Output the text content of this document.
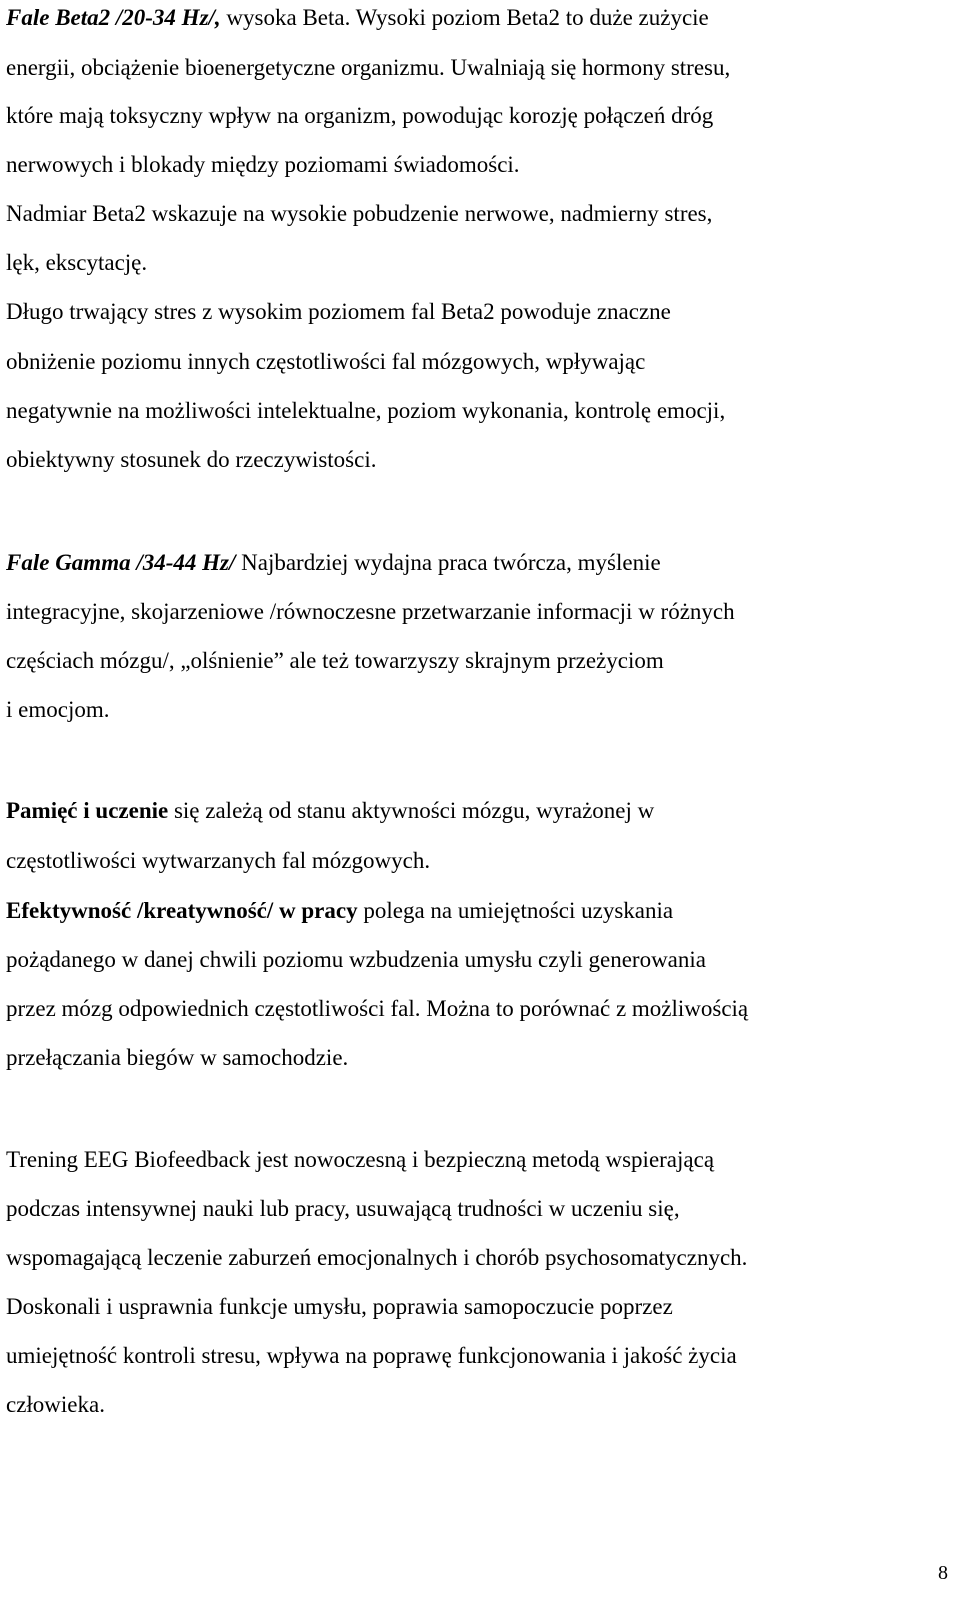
Fale Beta2 /20-34 Hz/, wysoka Beta. Wysoki poziom Beta2 to duże zużycie
energii, obciążenie bioenergetyczne organizmu. Uwalniają się hormony stresu,
które mają toksyczny wpływ na organizm, powodując korozję połączeń dróg
nerwowych i blokady między poziomami świadomości.
Nadmiar Beta2 wskazuje na wysokie pobudzenie nerwowe, nadmierny stres,
lęk, ekscytację.
Długo trwający stres z wysokim poziomem fal Beta2 powoduje znaczne
obniżenie poziomu innych częstotliwości fal mózgowych, wpływając
negatywnie na możliwości intelektualne, poziom wykonania, kontrolę emocji,
obiektywny stosunek do rzeczywistości.
Fale Gamma /34-44 Hz/ Najbardziej wydajna praca twórcza, myślenie
integracyjne, skojarzeniowe /równoczesne przetwarzanie informacji w różnych
częściach mózgu/, „olśnienie” ale też towarzyszy skrajnym przeżyciom
i emocjom.
Pamięć i uczenie się zależą od stanu aktywności mózgu, wyrażonej w
częstotliwości wytwarzanych fal mózgowych.
Efektywność /kreatywność/ w pracy polega na umiejętności uzyskania
pożądanego w danej chwili poziomu wzbudzenia umysłu czyli generowania
przez mózg odpowiednich częstotliwości fal. Można to porównać z możliwością
przełączania biegów w samochodzie.
Trening EEG Biofeedback jest nowoczesną i bezpieczną metodą wspierającą
podczas intensywnej nauki lub pracy, usuwającą trudności w uczeniu się,
wspomagającą leczenie zaburzeń emocjonalnych i chorób psychosomatycznych.
Doskonali i usprawnia funkcje umysłu, poprawia samopoczucie poprzez
umiejętność kontroli stresu, wpływa na poprawę funkcjonowania i jakość życia
człowieka.
8
